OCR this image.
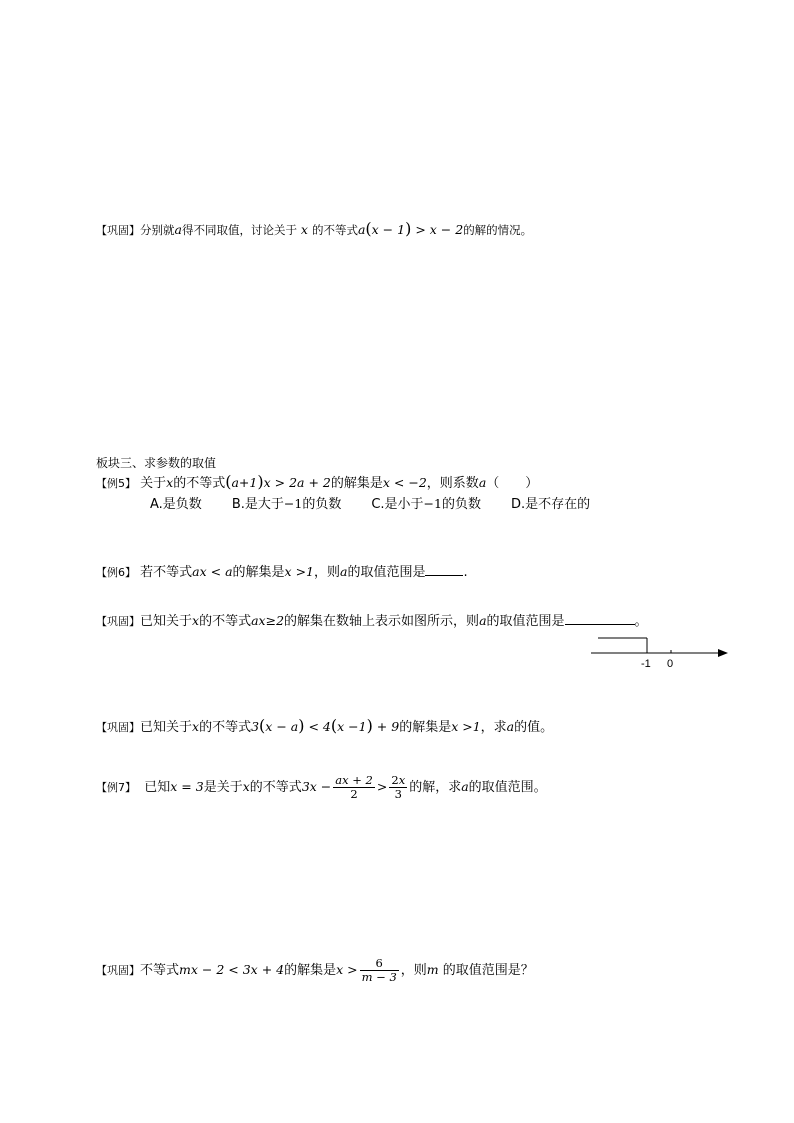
【巩固】分别就a得不同取值，讨论关于 x 的不等式a(x − 1) > x − 2的解的情况。
板块三、求参数的取值
【例5】 关于x的不等式(a+1)x > 2a + 2的解集是x < −2，则系数a（　　）
A.是负数 B.是大于−1的负数 C.是小于−1的负数 D.是不存在的
【例6】 若不等式ax < a的解集是x >1，则a的取值范围是	.
【巩固】已知关于x的不等式ax≥2的解集在数轴上表示如图所示，则a的取值范围是	。
-1 0
【巩固】已知关于x的不等式3(x − a) < 4(x −1) + 9的解集是x >1，求a的值。
【例7】 已知x = 3是关于x的不等式$3x - \frac{ax + 2}{2} > \frac{2x}{3}$ 的解，求a的取值范围。
【巩固】不等式mx − 2 < 3x + 4的解集是$x > \frac{6}{m - 3}$ ，则m 的取值范围是？
